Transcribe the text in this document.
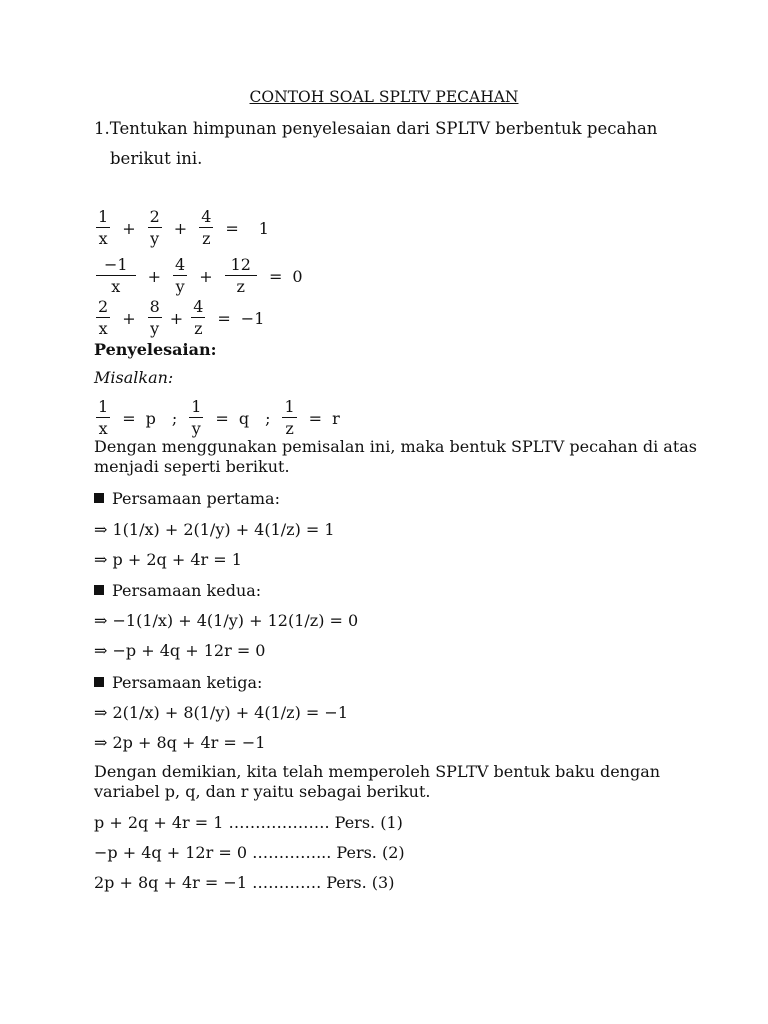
CONTOH SOAL SPLTV PECAHAN
1.Tentukan himpunan penyelesaian dari SPLTV berbentuk pecahan
berikut ini.
$\frac{1}{x} + \frac{2}{y} + \frac{4}{z} = 1$
$\frac{-1}{x} + \frac{4}{y} + \frac{12}{z} = 0$
$\frac{2}{x} + \frac{8}{y} + \frac{4}{z} = -1$
Penyelesaian:
Misalkan:
$\frac{1}{x} = p$ ; $\frac{1}{y} = q$ ; $\frac{1}{z} = r$
Dengan menggunakan pemisalan ini, maka bentuk SPLTV pecahan di atas
menjadi seperti berikut.
Persamaan pertama:
⇒ 1(1/x) + 2(1/y) + 4(1/z) = 1
⇒ p + 2q + 4r = 1
Persamaan kedua:
⇒ −1(1/x) + 4(1/y) + 12(1/z) = 0
⇒ −p + 4q + 12r = 0
Persamaan ketiga:
⇒ 2(1/x) + 8(1/y) + 4(1/z) = −1
⇒ 2p + 8q + 4r = −1
Dengan demikian, kita telah memperoleh SPLTV bentuk baku dengan
variabel p, q, dan r yaitu sebagai berikut.
p + 2q + 4r = 1 ………………. Pers. (1)
−p + 4q + 12r = 0 …………... Pers. (2)
2p + 8q + 4r = −1 …………. Pers. (3)
